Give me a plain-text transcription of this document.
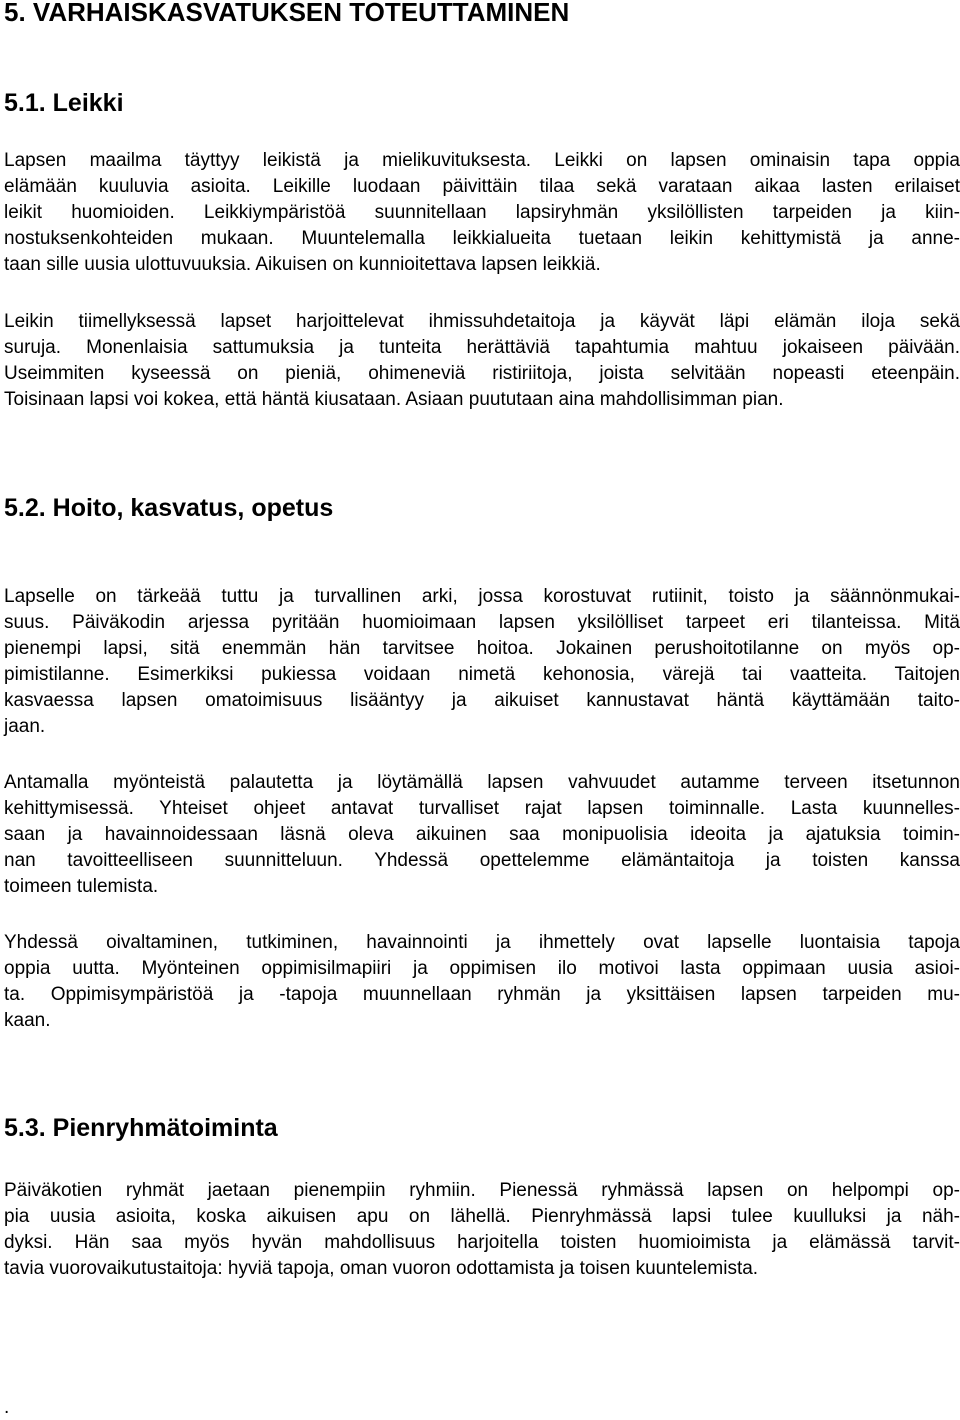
5. VARHAISKASVATUKSEN TOTEUTTAMINEN
5.1. Leikki
Lapsen maailma täyttyy leikistä ja mielikuvituksesta. Leikki on lapsen ominaisin tapa oppia
elämään kuuluvia asioita. Leikille luodaan päivittäin tilaa sekä varataan aikaa lasten erilaiset
leikit huomioiden. Leikkiympäristöä suunnitellaan lapsiryhmän yksilöllisten tarpeiden ja kiin-
nostuksenkohteiden mukaan. Muuntelemalla leikkialueita tuetaan leikin kehittymistä ja anne-
taan sille uusia ulottuvuuksia. Aikuisen on kunnioitettava lapsen leikkiä.
Leikin tiimellyksessä lapset harjoittelevat ihmissuhdetaitoja ja käyvät läpi elämän iloja sekä
suruja. Monenlaisia sattumuksia ja tunteita herättäviä tapahtumia mahtuu jokaiseen päivään.
Useimmiten kyseessä on pieniä, ohimeneviä ristiriitoja, joista selvitään nopeasti eteenpäin.
Toisinaan lapsi voi kokea, että häntä kiusataan. Asiaan puututaan aina mahdollisimman pian.
5.2. Hoito, kasvatus, opetus
Lapselle on tärkeää tuttu ja turvallinen arki, jossa korostuvat rutiinit, toisto ja säännönmukai-
suus. Päiväkodin arjessa pyritään huomioimaan lapsen yksilölliset tarpeet eri tilanteissa. Mitä
pienempi lapsi, sitä enemmän hän tarvitsee hoitoa. Jokainen perushoitotilanne on myös op-
pimistilanne. Esimerkiksi pukiessa voidaan nimetä kehonosia, värejä tai vaatteita. Taitojen
kasvaessa lapsen omatoimisuus lisääntyy ja aikuiset kannustavat häntä käyttämään taito-
jaan.
Antamalla myönteistä palautetta ja löytämällä lapsen vahvuudet autamme terveen itsetunnon
kehittymisessä. Yhteiset ohjeet antavat turvalliset rajat lapsen toiminnalle. Lasta kuunnelles-
saan ja havainnoidessaan läsnä oleva aikuinen saa monipuolisia ideoita ja ajatuksia toimin-
nan tavoitteelliseen suunnitteluun. Yhdessä opettelemme elämäntaitoja ja toisten kanssa
toimeen tulemista.
Yhdessä oivaltaminen, tutkiminen, havainnointi ja ihmettely ovat lapselle luontaisia tapoja
oppia uutta. Myönteinen oppimisilmapiiri ja oppimisen ilo motivoi lasta oppimaan uusia asioi-
ta. Oppimisympäristöä ja -tapoja muunnellaan ryhmän ja yksittäisen lapsen tarpeiden mu-
kaan.
5.3. Pienryhmätoiminta
Päiväkotien ryhmät jaetaan pienempiin ryhmiin. Pienessä ryhmässä lapsen on helpompi op-
pia uusia asioita, koska aikuisen apu on lähellä. Pienryhmässä lapsi tulee kuulluksi ja näh-
dyksi. Hän saa myös hyvän mahdollisuus harjoitella toisten huomioimista ja elämässä tarvit-
tavia vuorovaikutustaitoja: hyviä tapoja, oman vuoron odottamista ja toisen kuuntelemista.
.
